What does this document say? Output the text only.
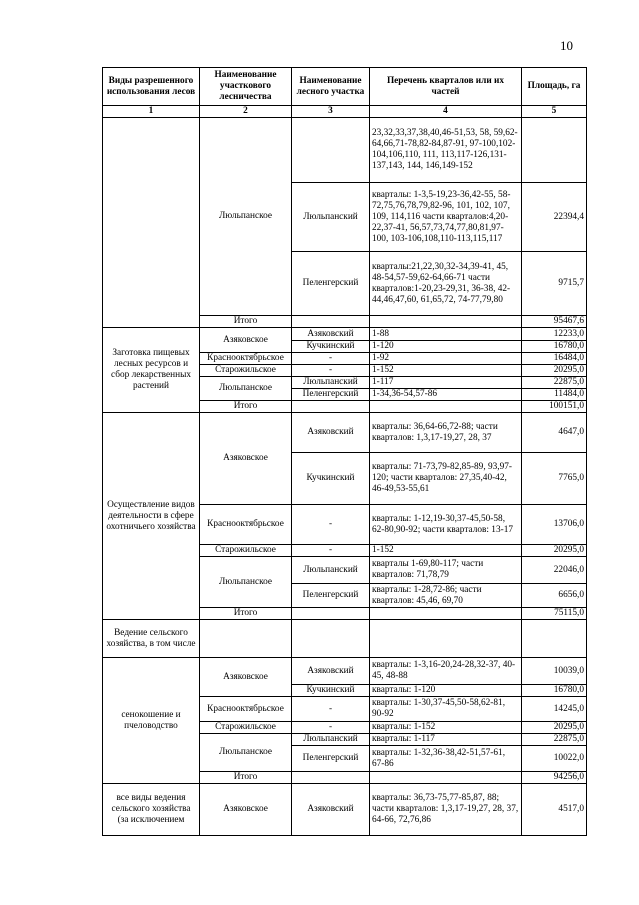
10
Виды разрешенного использования лесов	Наименование участкового лесничества	Наименование лесного участка	Перечень кварталов или их частей	Площадь, га
1	2	3	4	5
	Люльпанское		23,32,33,37,38,40,46-51,53, 58, 59,62-64,66,71-78,82-84,87-91, 97-100,102-104,106,110, 111, 113,117-126,131-137,143, 144, 146,149-152	
		Люльпанский	кварталы: 1-3,5-19,23-36,42-55, 58-72,75,76,78,79,82-96, 101, 102, 107, 109, 114,116 части кварталов:4,20-22,37-41, 56,57,73,74,77,80,81,97-100, 103-106,108,110-113,115,117	22394,4
		Пеленгерский	кварталы:21,22,30,32-34,39-41, 45, 48-54,57-59,62-64,66-71 части кварталов:1-20,23-29,31, 36-38, 42-44,46,47,60, 61,65,72, 74-77,79,80	9715,7
	Итого			95467,6
Заготовка пищевых лесных ресурсов и сбор лекарственных растений	Азяковское	Азяковский	1-88	12233,0
		Кучкинский	1-120	16780,0
	Краснооктябрьское	-	1-92	16484,0
	Старожильское	-	1-152	20295,0
	Люльпанское	Люльпанский	1-117	22875,0
		Пеленгерский	1-34,36-54,57-86	11484,0
	Итого			100151,0
Осуществление видов деятельности в сфере охотничьего хозяйства	Азяковское	Азяковский	кварталы: 36,64-66,72-88; части кварталов: 1,3,17-19,27, 28, 37	4647,0
		Кучкинский	кварталы: 71-73,79-82,85-89, 93,97-120; части кварталов: 27,35,40-42, 46-49,53-55,61	7765,0
	Краснооктябрьское	-	кварталы: 1-12,19-30,37-45,50-58, 62-80,90-92; части кварталов: 13-17	13706,0
	Старожильское	-	1-152	20295,0
	Люльпанское	Люльпанский	кварталы 1-69,80-117; части кварталов: 71,78,79	22046,0
		Пеленгерский	кварталы: 1-28,72-86; части кварталов: 45,46, 69,70	6656,0
	Итого			75115,0
Ведение сельского хозяйства, в том числе				
сенокошение и пчеловодство	Азяковское	Азяковский	кварталы: 1-3,16-20,24-28,32-37, 40-45, 48-88	10039,0
		Кучкинский	кварталы: 1-120	16780,0
	Краснооктябрьское	-	кварталы: 1-30,37-45,50-58,62-81, 90-92	14245,0
	Старожильское	-	кварталы: 1-152	20295,0
	Люльпанское	Люльпанский	кварталы: 1-117	22875,0
		Пеленгерский	кварталы: 1-32,36-38,42-51,57-61, 67-86	10022,0
	Итого			94256,0
все виды ведения сельского хозяйства (за исключением	Азяковское	Азяковский	кварталы: 36,73-75,77-85,87, 88; части кварталов: 1,3,17-19,27, 28, 37, 64-66, 72,76,86	4517,0
